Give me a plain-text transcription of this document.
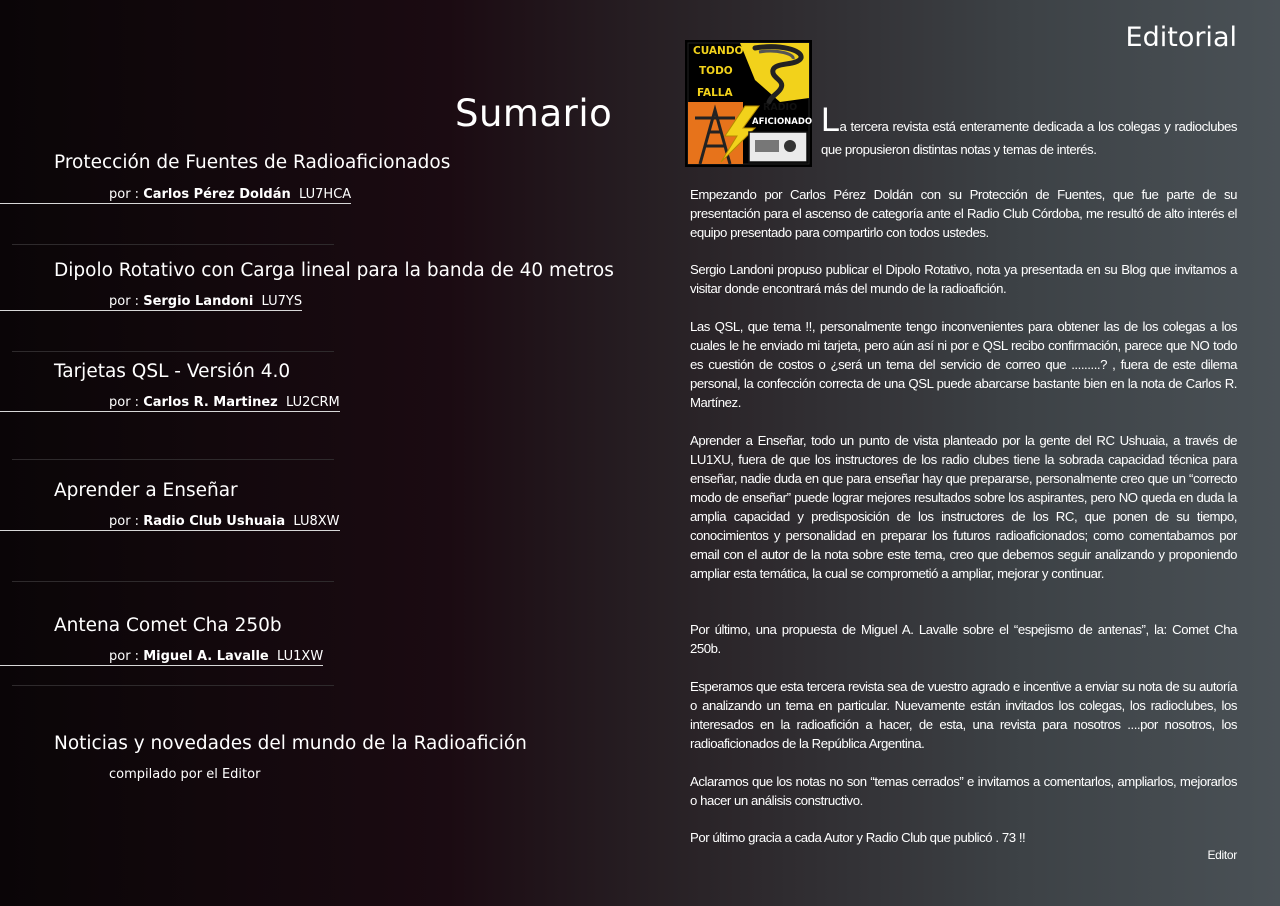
Sumario
Protección de Fuentes de Radioaficionados
por : Carlos Pérez Doldán LU7HCA
Dipolo Rotativo con Carga lineal para la banda de 40 metros
por : Sergio Landoni LU7YS
Tarjetas QSL - Versión 4.0
por : Carlos R. Martinez LU2CRM
Aprender a Enseñar
por : Radio Club Ushuaia LU8XW
Antena Comet Cha 250b
por : Miguel A. Lavalle LU1XW
Noticias y novedades del mundo de la Radioafición
compilado por el Editor
Editorial
CUANDO
TODO
FALLA
RADIO
AFICIONADOS La tercera revista está enteramente dedicada a los colegas y radioclubes que propusieron distintas notas y temas de interés.
Empezando por Carlos Pérez Doldán con su Protección de Fuentes, que fue parte de su presentación para el ascenso de categoría ante el Radio Club Córdoba, me resultó de alto interés el equipo presentado para compartirlo con todos ustedes.
Sergio Landoni propuso publicar el Dipolo Rotativo, nota ya presentada en su Blog que invitamos a visitar donde encontrará más del mundo de la radioafición.
Las QSL, que tema !!, personalmente tengo inconvenientes para obtener las de los colegas a los cuales le he enviado mi tarjeta, pero aún así ni por e QSL recibo confirmación, parece que NO todo es cuestión de costos o ¿será un tema del servicio de correo que .........? , fuera de este dilema personal, la confección correcta de una QSL puede abarcarse bastante bien en la nota de Carlos R. Martínez.
Aprender a Enseñar, todo un punto de vista planteado por la gente del RC Ushuaia, a través de LU1XU, fuera de que los instructores de los radio clubes tiene la sobrada capacidad técnica para enseñar, nadie duda en que para enseñar hay que prepararse, personalmente creo que un “correcto modo de enseñar” puede lograr mejores resultados sobre los aspirantes, pero NO queda en duda la amplia capacidad y predisposición de los instructores de los RC, que ponen de su tiempo, conocimientos y personalidad en preparar los futuros radioaficionados; como comentabamos por email con el autor de la nota sobre este tema, creo que debemos seguir analizando y proponiendo ampliar esta temática, la cual se comprometió a ampliar, mejorar y continuar.
Por último, una propuesta de Miguel A. Lavalle sobre el “espejismo de antenas”, la: Comet Cha 250b.
Esperamos que esta tercera revista sea de vuestro agrado e incentive a enviar su nota de su autoría o analizando un tema en particular. Nuevamente están invitados los colegas, los radioclubes, los interesados en la radioafición a hacer, de esta, una revista para nosotros ....por nosotros, los radioaficionados de la República Argentina.
Aclaramos que los notas no son “temas cerrados” e invitamos a comentarlos, ampliarlos, mejorarlos o hacer un análisis constructivo.
Por último gracia a cada Autor y Radio Club que publicó . 73 !!
Editor
